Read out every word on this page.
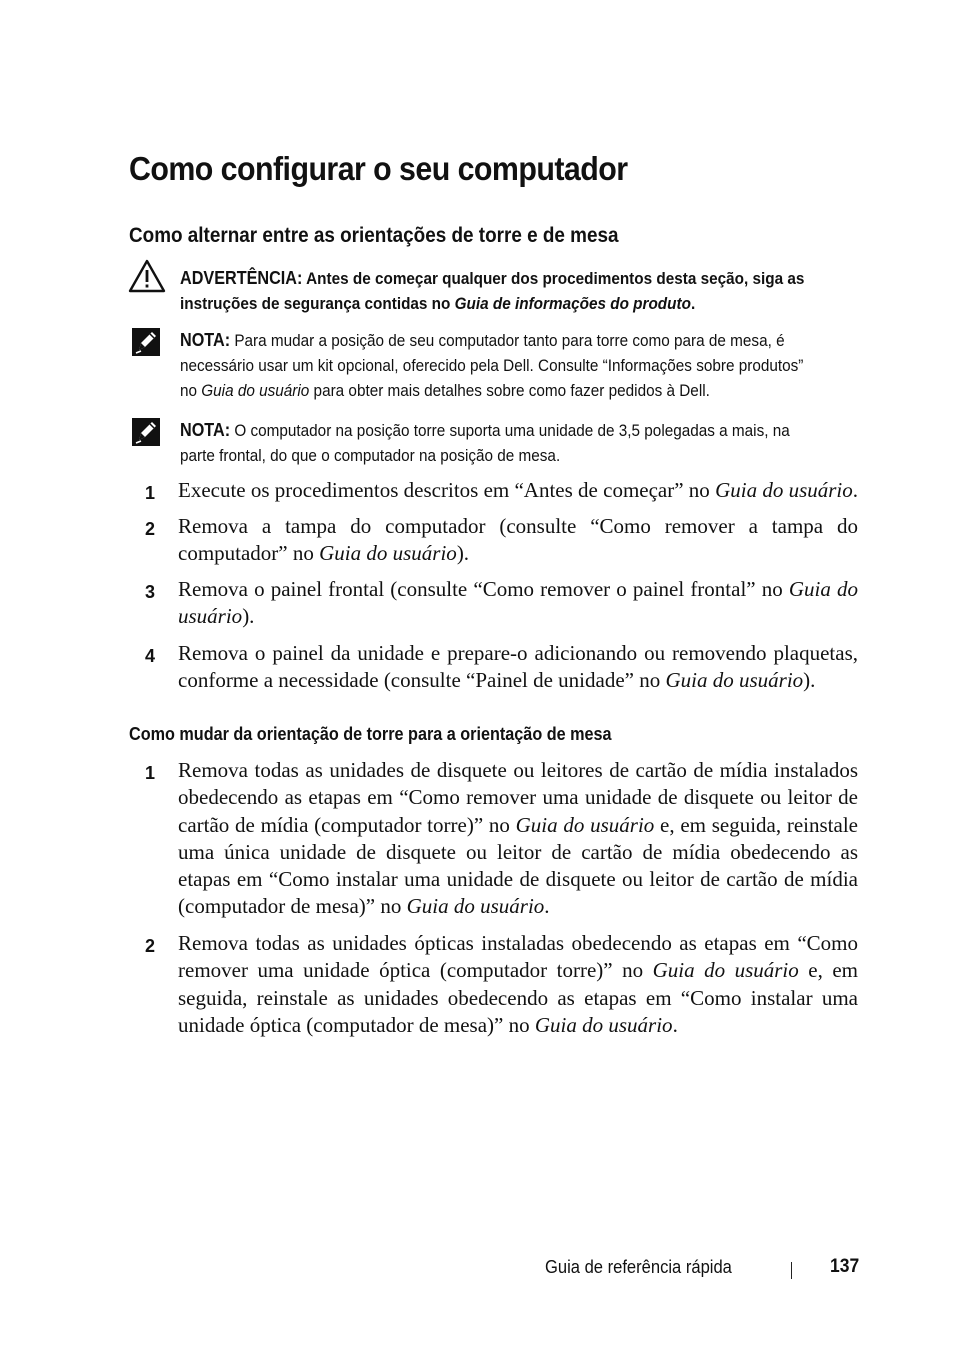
Como configurar o seu computador
Como alternar entre as orientações de torre e de mesa
ADVERTÊNCIA: Antes de começar qualquer dos procedimentos desta seção, siga as instruções de segurança contidas no Guia de informações do produto.
NOTA: Para mudar a posição de seu computador tanto para torre como para de mesa, é necessário usar um kit opcional, oferecido pela Dell. Consulte “Informações sobre produtos” no Guia do usuário para obter mais detalhes sobre como fazer pedidos à Dell.
NOTA: O computador na posição torre suporta uma unidade de 3,5 polegadas a mais, na parte frontal, do que o computador na posição de mesa.
1 Execute os procedimentos descritos em “Antes de começar” no Guia do usuário.
2 Remova a tampa do computador (consulte “Como remover a tampa do computador” no Guia do usuário).
3 Remova o painel frontal (consulte “Como remover o painel frontal” no Guia do usuário).
4 Remova o painel da unidade e prepare-o adicionando ou removendo plaquetas, conforme a necessidade (consulte “Painel de unidade” no Guia do usuário).
Como mudar da orientação de torre para a orientação de mesa
1 Remova todas as unidades de disquete ou leitores de cartão de mídia instalados obedecendo as etapas em “Como remover uma unidade de disquete ou leitor de cartão de mídia (computador torre)” no Guia do usuário e, em seguida, reinstale uma única unidade de disquete ou leitor de cartão de mídia obedecendo as etapas em “Como instalar uma unidade de disquete ou leitor de cartão de mídia (computador de mesa)” no Guia do usuário.
2 Remova todas as unidades ópticas instaladas obedecendo as etapas em “Como remover uma unidade óptica (computador torre)” no Guia do usuário e, em seguida, reinstale as unidades obedecendo as etapas em “Como instalar uma unidade óptica (computador de mesa)” no Guia do usuário.
Guia de referência rápida	137
